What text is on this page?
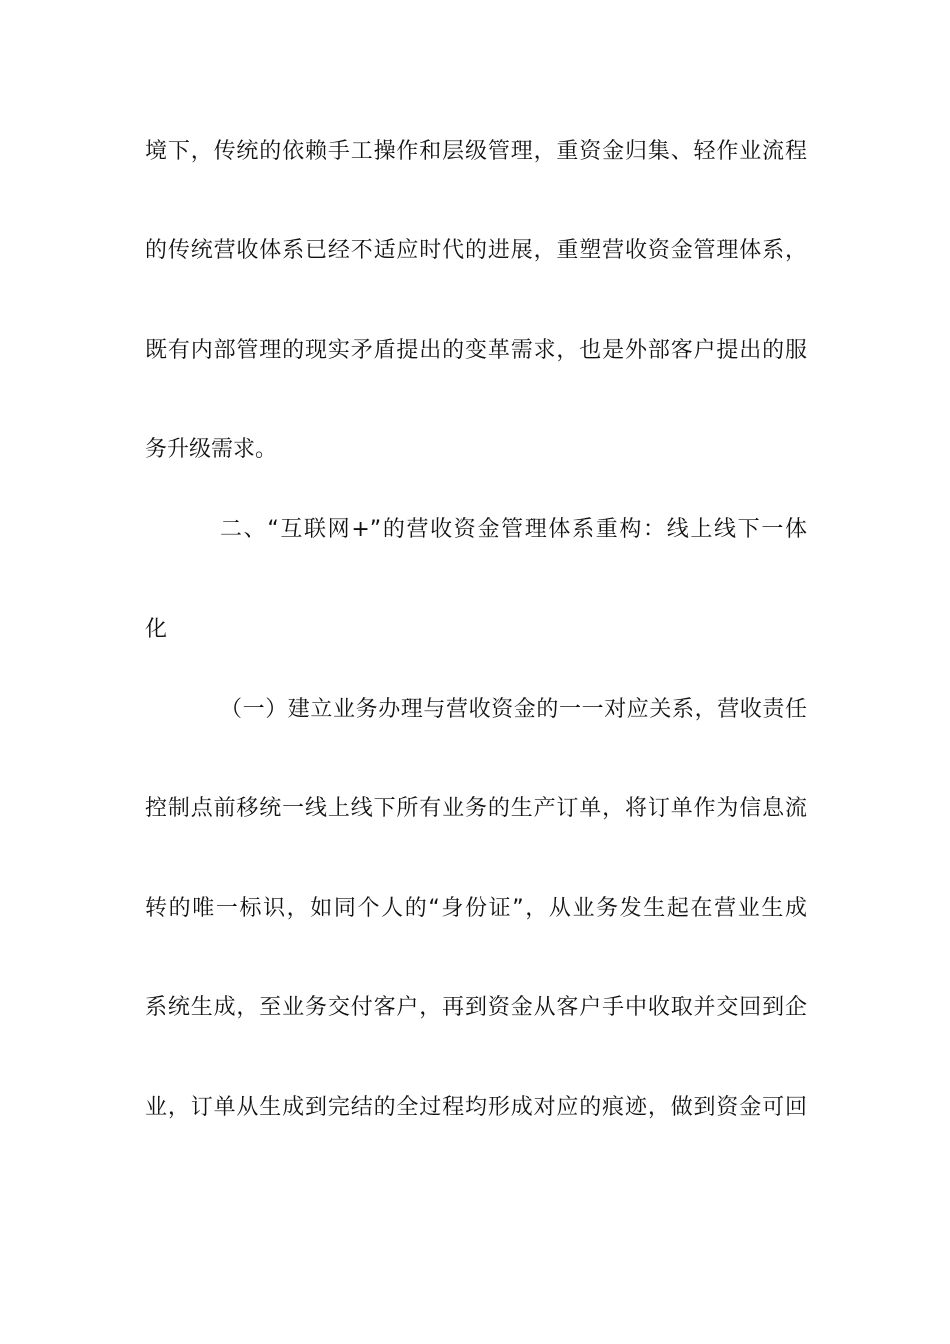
境下，传统的依赖手工操作和层级管理，重资金归集、轻作业流程
的传统营收体系已经不适应时代的进展，重塑营收资金管理体系，
既有内部管理的现实矛盾提出的变革需求，也是外部客户提出的服
务升级需求。
二、“互联网+”的营收资金管理体系重构：线上线下一体
化
（一）建立业务办理与营收资金的一一对应关系，营收责任
控制点前移统一线上线下所有业务的生产订单，将订单作为信息流
转的唯一标识，如同个人的“身份证”，从业务发生起在营业生成
系统生成，至业务交付客户，再到资金从客户手中收取并交回到企
业，订单从生成到完结的全过程均形成对应的痕迹，做到资金可回
